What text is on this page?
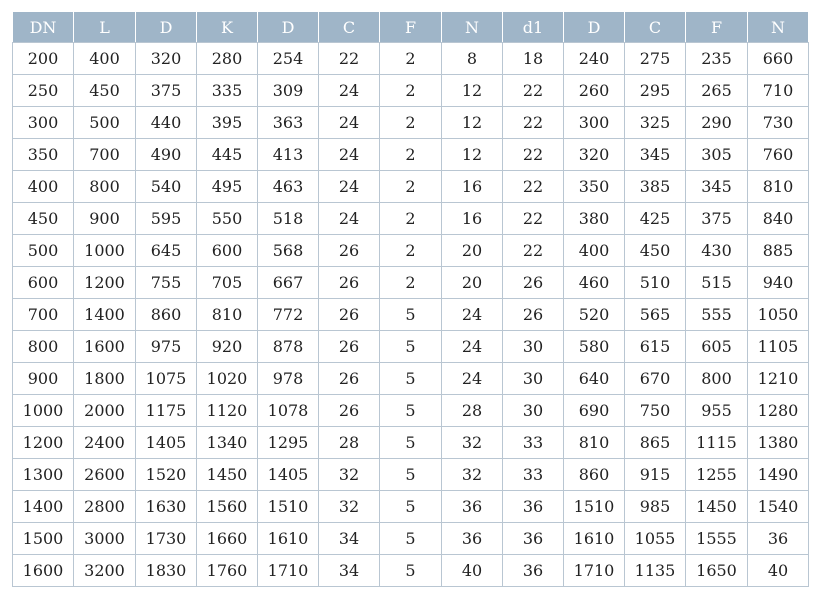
DN	L	D	K	D	C	F	N	d1	D	C	F	N
200	400	320	280	254	22	2	8	18	240	275	235	660
250	450	375	335	309	24	2	12	22	260	295	265	710
300	500	440	395	363	24	2	12	22	300	325	290	730
350	700	490	445	413	24	2	12	22	320	345	305	760
400	800	540	495	463	24	2	16	22	350	385	345	810
450	900	595	550	518	24	2	16	22	380	425	375	840
500	1000	645	600	568	26	2	20	22	400	450	430	885
600	1200	755	705	667	26	2	20	26	460	510	515	940
700	1400	860	810	772	26	5	24	26	520	565	555	1050
800	1600	975	920	878	26	5	24	30	580	615	605	1105
900	1800	1075	1020	978	26	5	24	30	640	670	800	1210
1000	2000	1175	1120	1078	26	5	28	30	690	750	955	1280
1200	2400	1405	1340	1295	28	5	32	33	810	865	1115	1380
1300	2600	1520	1450	1405	32	5	32	33	860	915	1255	1490
1400	2800	1630	1560	1510	32	5	36	36	1510	985	1450	1540
1500	3000	1730	1660	1610	34	5	36	36	1610	1055	1555	36
1600	3200	1830	1760	1710	34	5	40	36	1710	1135	1650	40
